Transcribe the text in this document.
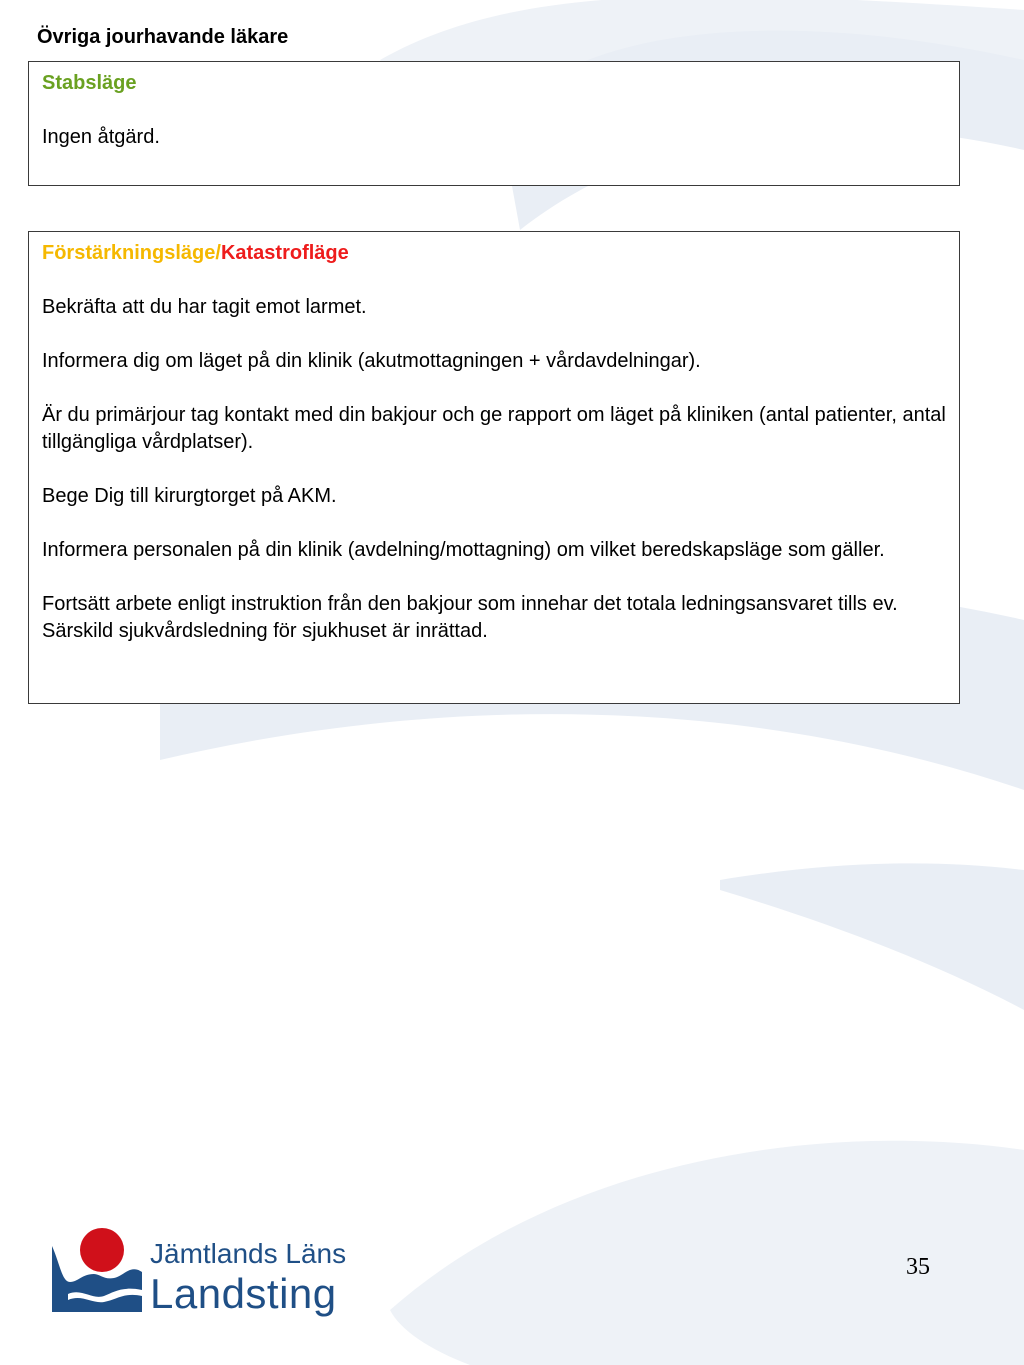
Övriga jourhavande läkare

Stabsläge

Ingen åtgärd.

Förstärkningsläge/Katastrofläge

Bekräfta att du har tagit emot larmet.

Informera dig om läget på din klinik (akutmottagningen + vårdavdelningar).

Är du primärjour tag kontakt med din bakjour och ge rapport om läget på kliniken (antal patienter, antal tillgängliga vårdplatser).

Bege Dig till kirurgtorget på AKM.

Informera personalen på din klinik (avdelning/mottagning) om vilket beredskapsläge som gäller.

Fortsätt arbete enligt instruktion från den bakjour som innehar det totala ledningsansvaret tills ev. Särskild sjukvårdsledning för sjukhuset är inrättad.

Jämtlands Läns
Landsting
35
